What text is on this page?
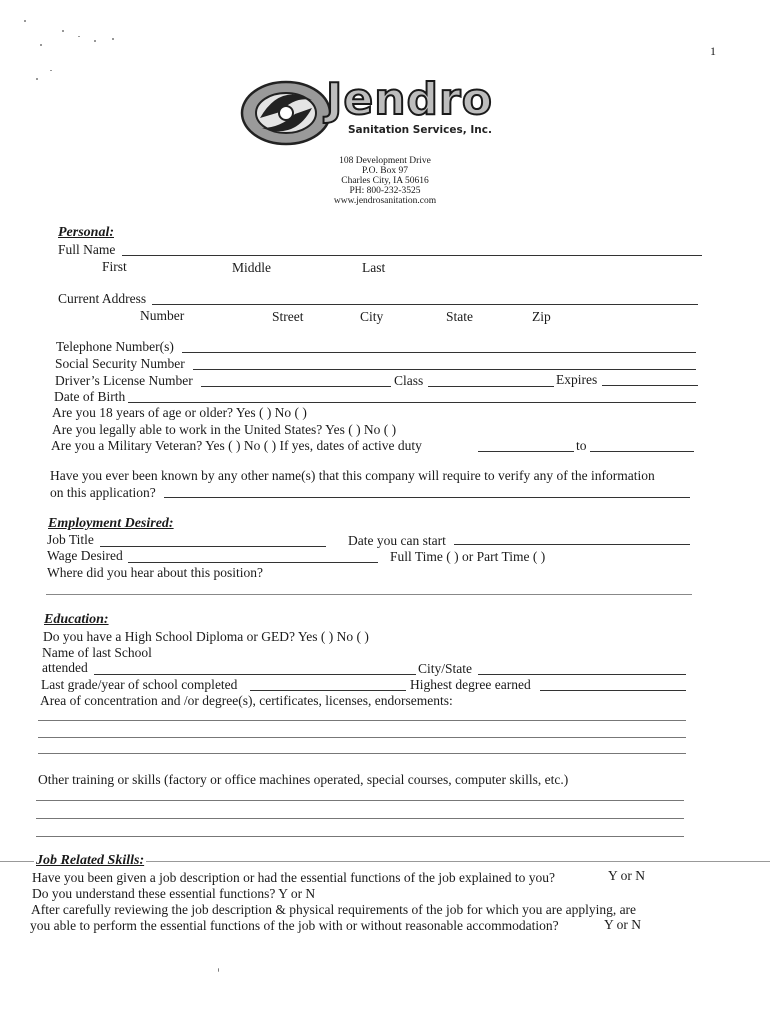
1
Jendro
Sanitation Services, Inc.
108 Development Drive
P.O. Box 97
Charles City, IA 50616
PH: 800-232-3525
www.jendrosanitation.com
Personal:
Full Name
First	Middle	Last
Current Address
Number	Street	City	State	Zip
Telephone Number(s)
Social Security Number
Driver’s License Number	Class	Expires
Date of Birth
Are you 18 years of age or older? Yes ( ) No ( )
Are you legally able to work in the United States? Yes ( ) No ( )
Are you a Military Veteran? Yes ( ) No ( ) If yes, dates of active duty	to
Have you ever been known by any other name(s) that this company will require to verify any of the information
on this application?
Employment Desired:
Job Title	Date you can start
Wage Desired	Full Time ( ) or Part Time ( )
Where did you hear about this position?
Education:
Do you have a High School Diploma or GED? Yes ( ) No ( )
Name of last School
attended	City/State
Last grade/year of school completed	Highest degree earned
Area of concentration and /or degree(s), certificates, licenses, endorsements:
Other training or skills (factory or office machines operated, special courses, computer skills, etc.)
Job Related Skills:
Have you been given a job description or had the essential functions of the job explained to you?	Y or N
Do you understand these essential functions? Y or N
After carefully reviewing the job description & physical requirements of the job for which you are applying, are
you able to perform the essential functions of the job with or without reasonable accommodation?	Y or N
